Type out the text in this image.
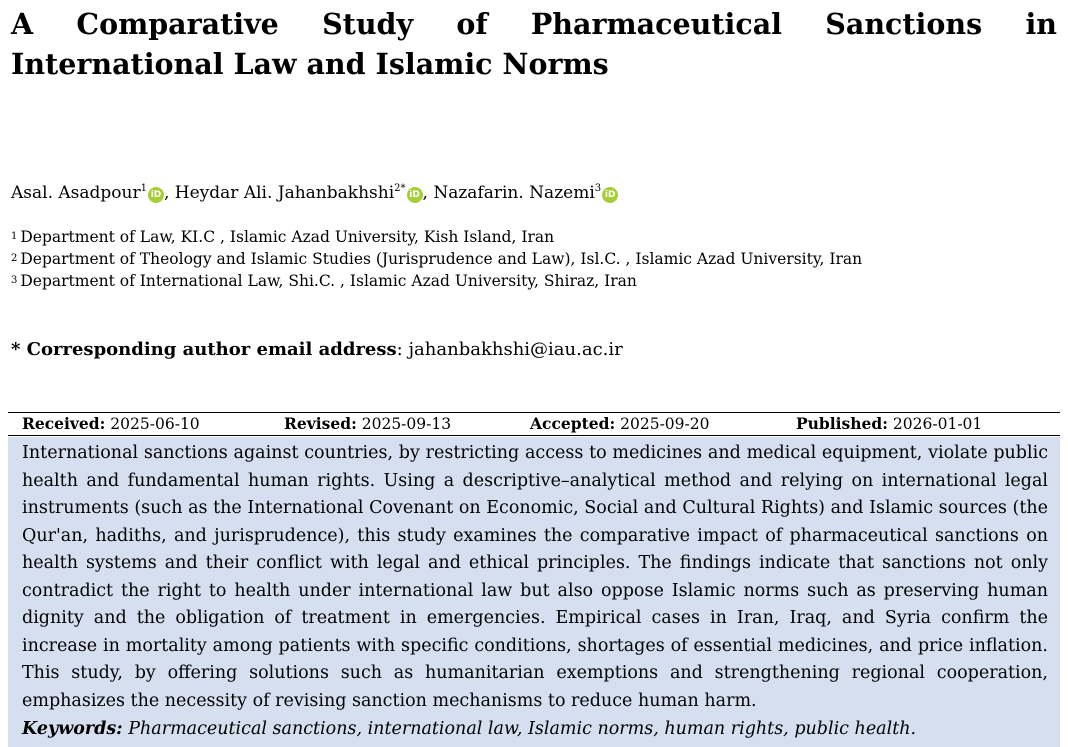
A Comparative Study of Pharmaceutical Sanctions in International Law and Islamic Norms
Asal. Asadpour$^1$iD , Heydar Ali. Jahanbakhshi$^{2*}$iD , Nazafarin. Nazemi$^3$iD
$^1$ Department of Law, KI.C , Islamic Azad University, Kish Island, Iran
$^2$ Department of Theology and Islamic Studies (Jurisprudence and Law), Isl.C. , Islamic Azad University, Iran
$^3$ Department of International Law, Shi.C. , Islamic Azad University, Shiraz, Iran
* Corresponding author email address: jahanbakhshi@iau.ac.ir
Received: 2025-06-10	Revised: 2025-09-13	Accepted: 2025-09-20	Published: 2026-01-01

International sanctions against countries, by restricting access to medicines and medical equipment, violate public health and fundamental human rights. Using a descriptive–analytical method and relying on international legal instruments (such as the International Covenant on Economic, Social and Cultural Rights) and Islamic sources (the Qur'an, hadiths, and jurisprudence), this study examines the comparative impact of pharmaceutical sanctions on health systems and their conflict with legal and ethical principles. The findings indicate that sanctions not only contradict the right to health under international law but also oppose Islamic norms such as preserving human dignity and the obligation of treatment in emergencies. Empirical cases in Iran, Iraq, and Syria confirm the increase in mortality among patients with specific conditions, shortages of essential medicines, and price inflation. This study, by offering solutions such as humanitarian exemptions and strengthening regional cooperation, emphasizes the necessity of revising sanction mechanisms to reduce human harm.

Keywords: Pharmaceutical sanctions, international law, Islamic norms, human rights, public health.
